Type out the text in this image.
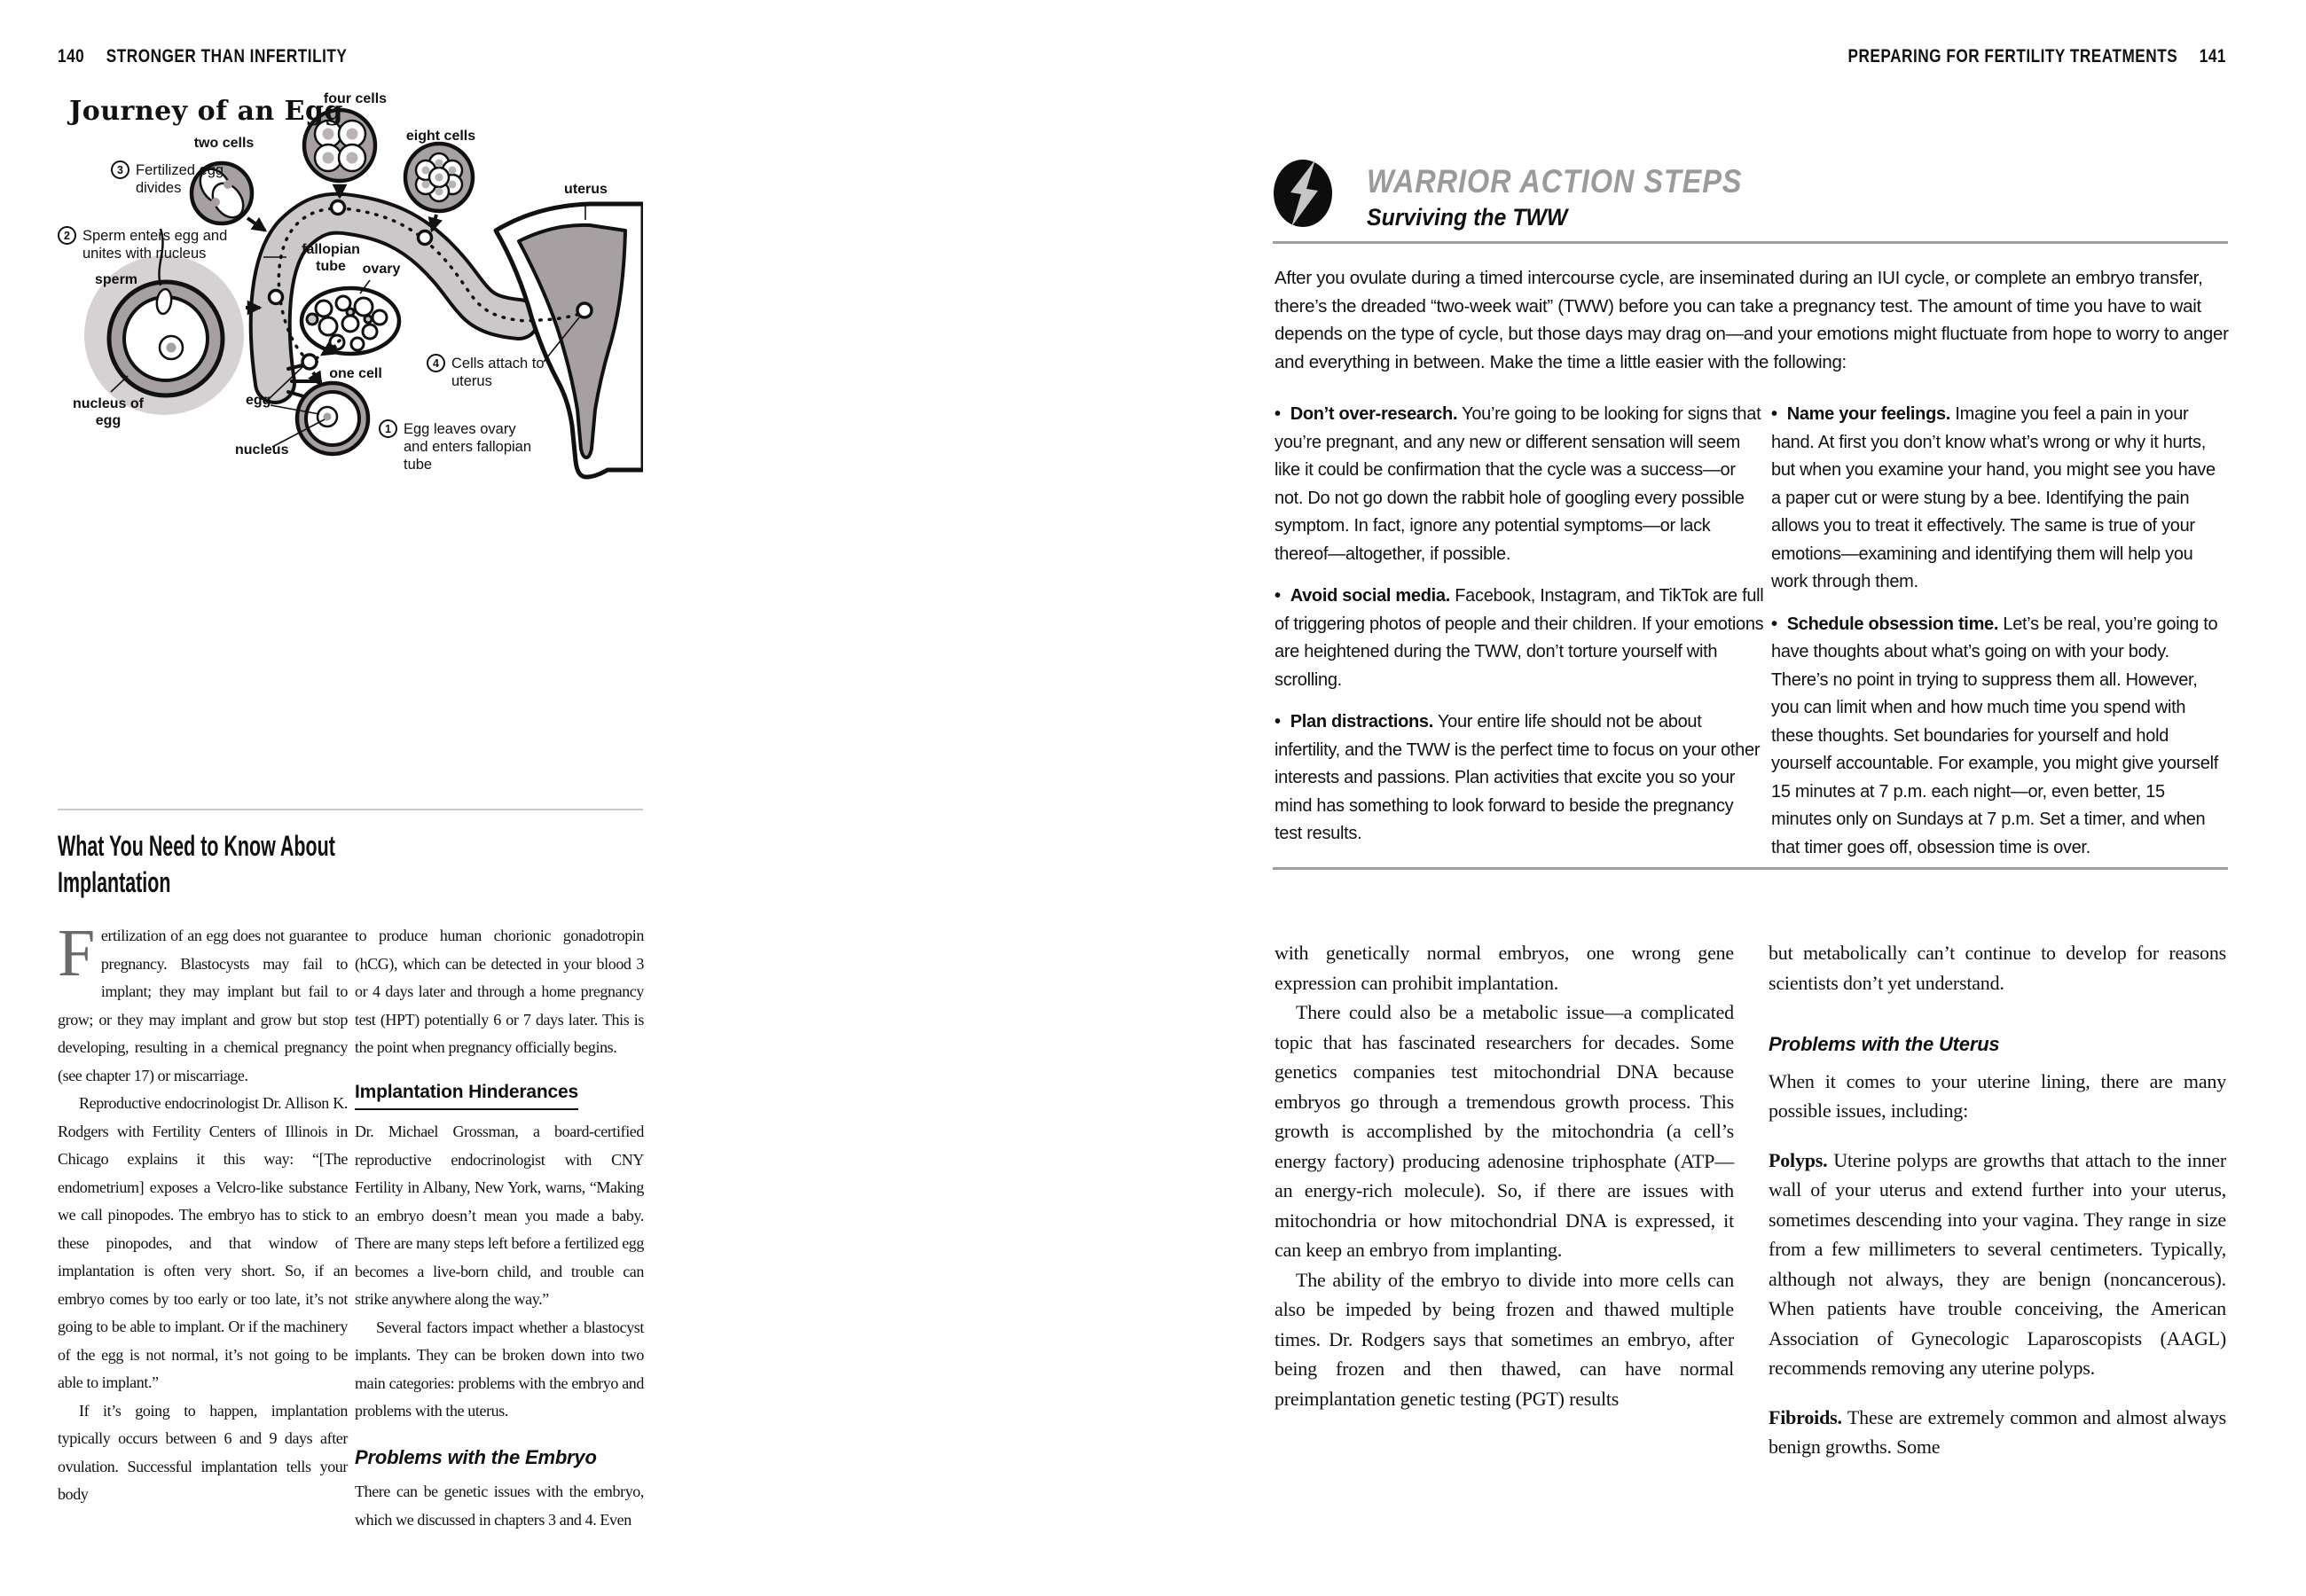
140 STRONGER THAN INFERTILITY
Journey of an Egg
four cells
two cells	eight cells
uterus
fallopian tube	ovary
sperm
egg
one cell
nucleus
nucleus of egg
3 Fertilized egg divides
2 Sperm enters egg and unites with nucleus
4 Cells attach to uterus
1 Egg leaves ovary and enters fallopian tube
What You Need to Know About Implantation

Fertilization of an egg does not guarantee pregnancy. Blastocysts may fail to implant; they may implant but fail to grow; or they may implant and grow but stop developing, resulting in a chemical pregnancy (see chapter 17) or miscarriage.

Reproductive endocrinologist Dr. Allison K. Rodgers with Fertility Centers of Illinois in Chicago explains it this way: “[The endometrium] exposes a Velcro-like substance we call pinopodes. The embryo has to stick to these pinopodes, and that window of implantation is often very short. So, if an embryo comes by too early or too late, it’s not going to be able to implant. Or if the machinery of the egg is not normal, it’s not going to be able to implant.”

If it’s going to happen, implantation typically occurs between 6 and 9 days after ovulation. Successful implantation tells your body

to produce human chorionic gonadotropin (hCG), which can be detected in your blood 3 or 4 days later and through a home pregnancy test (HPT) potentially 6 or 7 days later. This is the point when pregnancy officially begins.

Implantation Hinderances

Dr. Michael Grossman, a board-certified reproductive endocrinologist with CNY Fertility in Albany, New York, warns, “Making an embryo doesn’t mean you made a baby. There are many steps left before a fertilized egg becomes a live-born child, and trouble can strike anywhere along the way.”

Several factors impact whether a blastocyst implants. They can be broken down into two main categories: problems with the embryo and problems with the uterus.

Problems with the Embryo

There can be genetic issues with the embryo, which we discussed in chapters 3 and 4. Even

PREPARING FOR FERTILITY TREATMENTS 141
WARRIOR ACTION STEPS
Surviving the TWW
After you ovulate during a timed intercourse cycle, are inseminated during an IUI cycle, or complete an embryo transfer, there’s the dreaded “two-week wait” (TWW) before you can take a pregnancy test. The amount of time you have to wait depends on the type of cycle, but those days may drag on—and your emotions might fluctuate from hope to worry to anger and everything in between. Make the time a little easier with the following:

• Don’t over-research. You’re going to be looking for signs that you’re pregnant, and any new or different sensation will seem like it could be confirmation that the cycle was a success—or not. Do not go down the rabbit hole of googling every possible symptom. In fact, ignore any potential symptoms—or lack thereof—altogether, if possible.

• Avoid social media. Facebook, Instagram, and TikTok are full of triggering photos of people and their children. If your emotions are heightened during the TWW, don’t torture yourself with scrolling.

• Plan distractions. Your entire life should not be about infertility, and the TWW is the perfect time to focus on your other interests and passions. Plan activities that excite you so your mind has something to look forward to beside the pregnancy test results.

• Name your feelings. Imagine you feel a pain in your hand. At first you don’t know what’s wrong or why it hurts, but when you examine your hand, you might see you have a paper cut or were stung by a bee. Identifying the pain allows you to treat it effectively. The same is true of your emotions—examining and identifying them will help you work through them.

• Schedule obsession time. Let’s be real, you’re going to have thoughts about what’s going on with your body. There’s no point in trying to suppress them all. However, you can limit when and how much time you spend with these thoughts. Set boundaries for yourself and hold yourself accountable. For example, you might give yourself 15 minutes at 7 p.m. each night—or, even better, 15 minutes only on Sundays at 7 p.m. Set a timer, and when that timer goes off, obsession time is over.

with genetically normal embryos, one wrong gene expression can prohibit implantation.

There could also be a metabolic issue—a complicated topic that has fascinated researchers for decades. Some genetics companies test mitochondrial DNA because embryos go through a tremendous growth process. This growth is accomplished by the mitochondria (a cell’s energy factory) producing adenosine triphosphate (ATP—an energy-rich molecule). So, if there are issues with mitochondria or how mitochondrial DNA is expressed, it can keep an embryo from implanting.

The ability of the embryo to divide into more cells can also be impeded by being frozen and thawed multiple times. Dr. Rodgers says that sometimes an embryo, after being frozen and then thawed, can have normal preimplantation genetic testing (PGT) results

but metabolically can’t continue to develop for reasons scientists don’t yet understand.

Problems with the Uterus

When it comes to your uterine lining, there are many possible issues, including:

Polyps. Uterine polyps are growths that attach to the inner wall of your uterus and extend further into your uterus, sometimes descending into your vagina. They range in size from a few millimeters to several centimeters. Typically, although not always, they are benign (noncancerous). When patients have trouble conceiving, the American Association of Gynecologic Laparoscopists (AAGL) recommends removing any uterine polyps.

Fibroids. These are extremely common and almost always benign growths. Some
